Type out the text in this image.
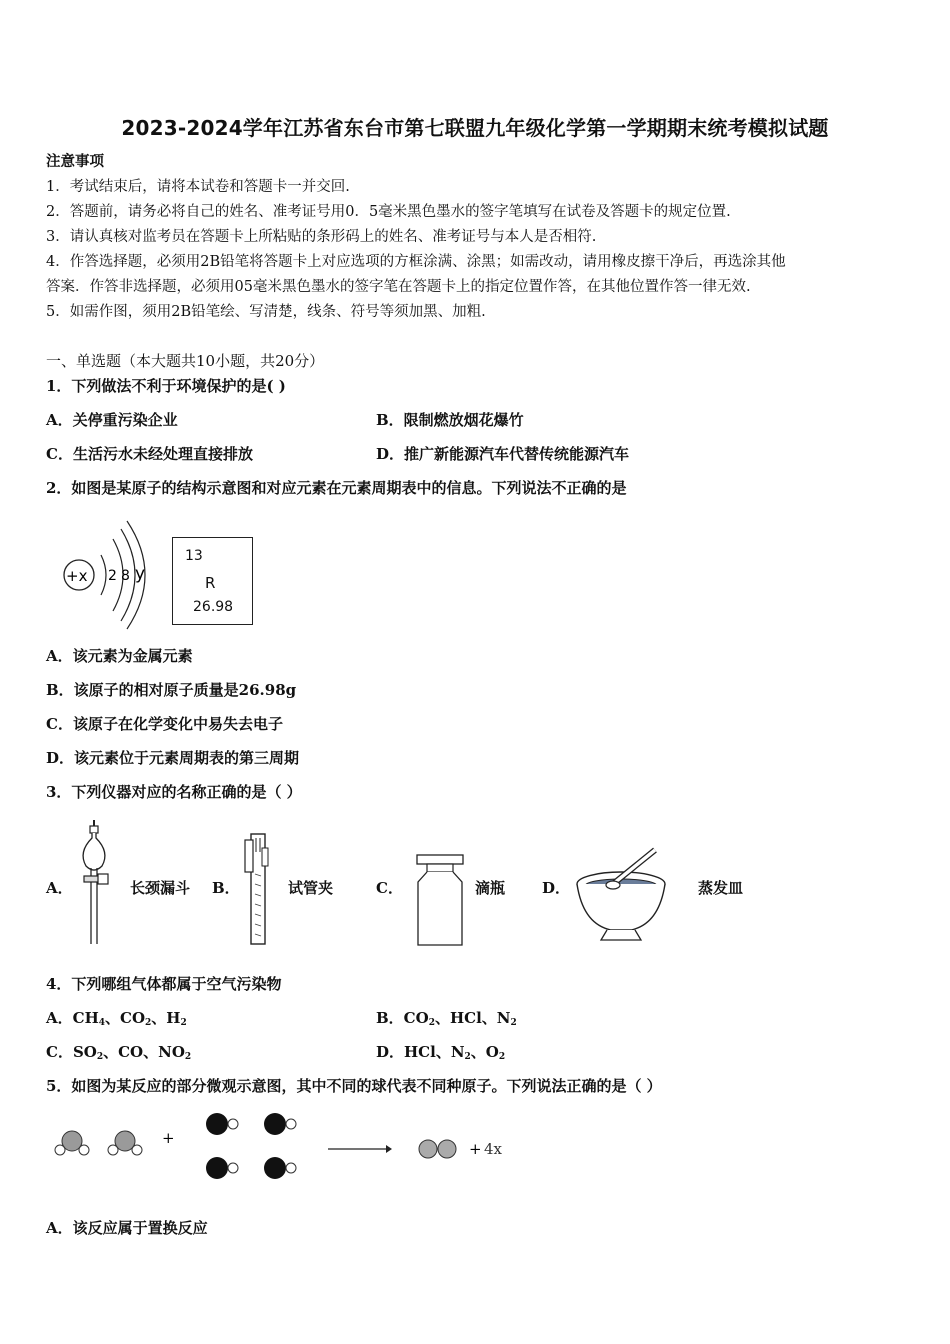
2023-2024学年江苏省东台市第七联盟九年级化学第一学期期末统考模拟试题
注意事项
1．考试结束后，请将本试卷和答题卡一并交回.
2．答题前，请务必将自己的姓名、准考证号用0．5毫米黑色墨水的签字笔填写在试卷及答题卡的规定位置.
3．请认真核对监考员在答题卡上所粘贴的条形码上的姓名、准考证号与本人是否相符.
4．作答选择题，必须用2B铅笔将答题卡上对应选项的方框涂满、涂黑；如需改动，请用橡皮擦干净后，再选涂其他
答案．作答非选择题，必须用05毫米黑色墨水的签字笔在答题卡上的指定位置作答，在其他位置作答一律无效.
5．如需作图，须用2B铅笔绘、写清楚，线条、符号等须加黑、加粗.
一、单选题（本大题共10小题，共20分）
1．下列做法不利于环境保护的是( )
A．关停重污染企业	B．限制燃放烟花爆竹
C．生活污水未经处理直接排放	D．推广新能源汽车代替传统能源汽车
2．如图是某原子的结构示意图和对应元素在元素周期表中的信息。下列说法不正确的是
+x 2 8 y
13
R
26.98
A．该元素为金属元素
B．该原子的相对原子质量是26.98g
C．该原子在化学变化中易失去电子
D．该元素位于元素周期表的第三周期
3．下列仪器对应的名称正确的是（ ）
A．	长颈漏斗 B．	试管夹	C．	滴瓶 D．	蒸发皿
4．下列哪组气体都属于空气污染物
A．$CH_4$、$CO_2$、$H_2$	B．$CO_2$、HCl、$N_2$
C．$SO_2$、CO、$NO_2$	D．HCl、$N_2$、$O_2$
5．如图为某反应的部分微观示意图，其中不同的球代表不同种原子。下列说法正确的是（ ）
+
+ 4x
A．该反应属于置换反应
